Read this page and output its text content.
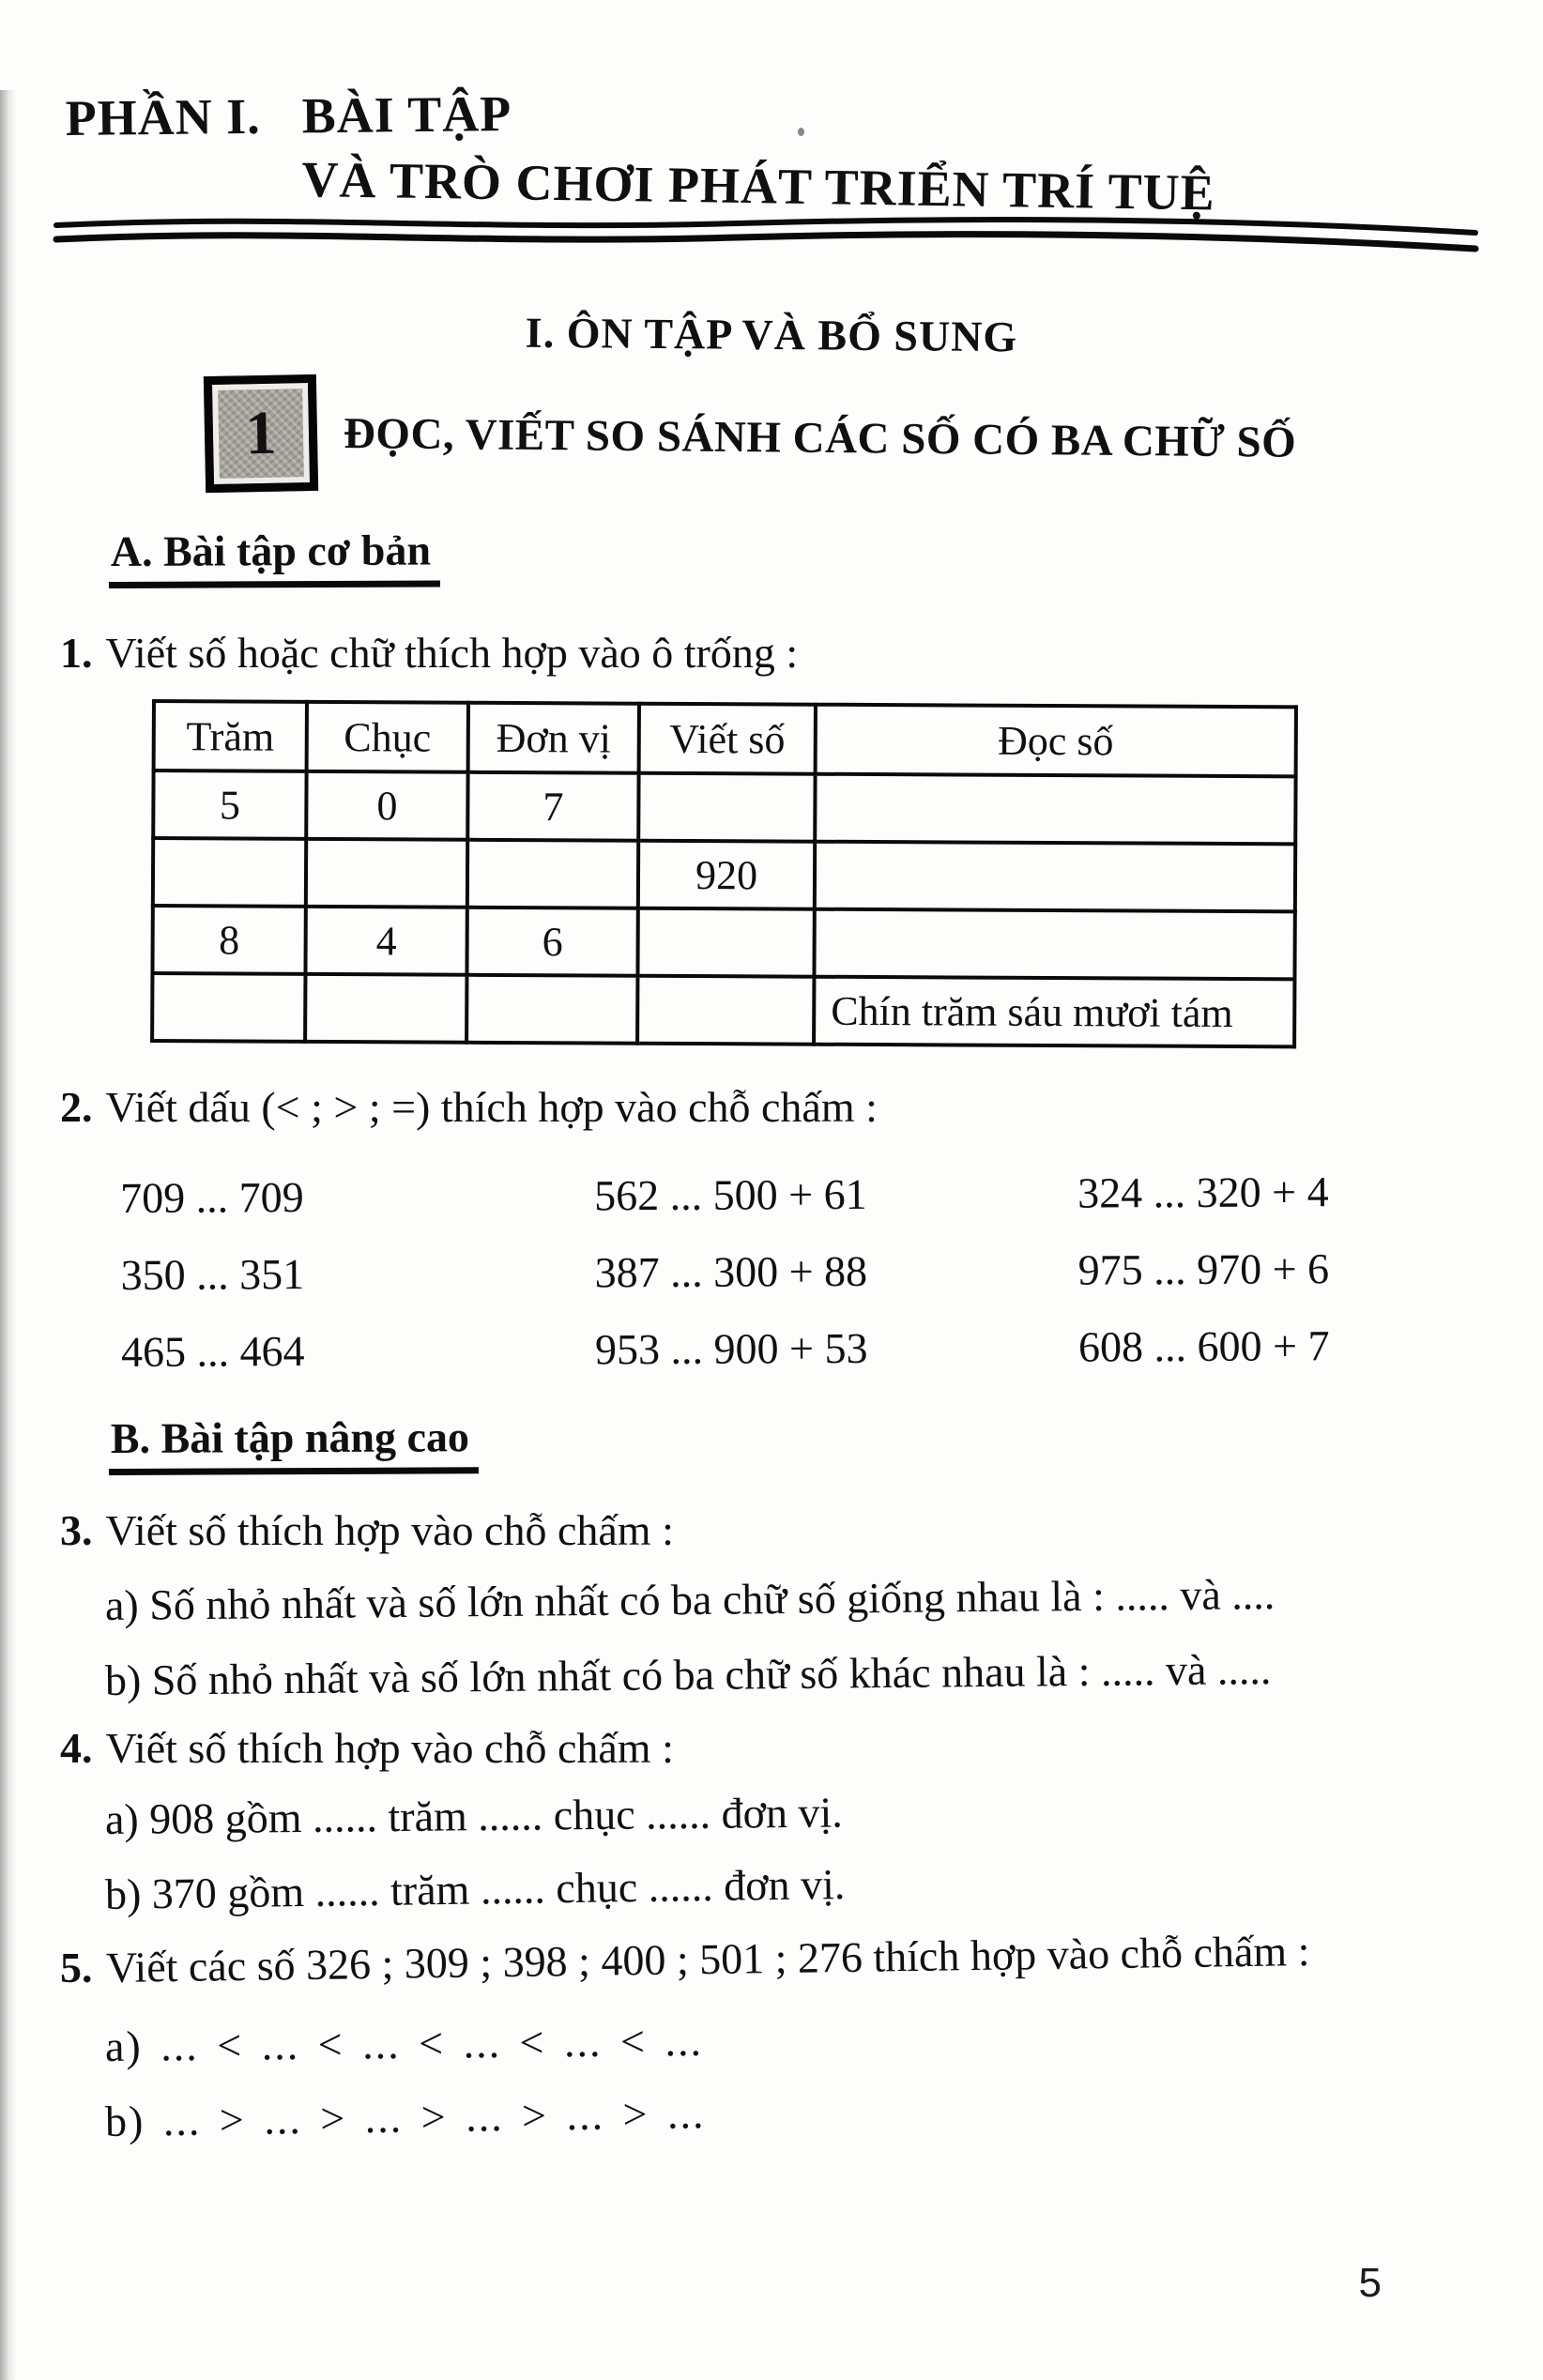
PHẦN I. BÀI TẬP
VÀ TRÒ CHƠI PHÁT TRIỂN TRÍ TUỆ
I. ÔN TẬP VÀ BỔ SUNG
1	ĐỌC, VIẾT SO SÁNH CÁC SỐ CÓ BA CHỮ SỐ
A. Bài tập cơ bản
1. Viết số hoặc chữ thích hợp vào ô trống :
Trăm	Chục	Đơn vị	Viết số	Đọc số
5	0	7		
			920	
8	4	6		
				Chín trăm sáu mươi tám
2. Viết dấu (< ; > ; =) thích hợp vào chỗ chấm :
709 ... 709	562 ... 500 + 61	324 ... 320 + 4
350 ... 351	387 ... 300 + 88	975 ... 970 + 6
465 ... 464	953 ... 900 + 53	608 ... 600 + 7
B. Bài tập nâng cao
3. Viết số thích hợp vào chỗ chấm :
a) Số nhỏ nhất và số lớn nhất có ba chữ số giống nhau là : ..... và ....
b) Số nhỏ nhất và số lớn nhất có ba chữ số khác nhau là : ..... và .....
4. Viết số thích hợp vào chỗ chấm :
a) 908 gồm ...... trăm ...... chục ...... đơn vị.
b) 370 gồm ...... trăm ...... chục ...... đơn vị.
5. Viết các số 326 ; 309 ; 398 ; 400 ; 501 ; 276 thích hợp vào chỗ chấm :
a) ... < ... < ... < ... < ... < ...
b) ... > ... > ... > ... > ... > ...
5
